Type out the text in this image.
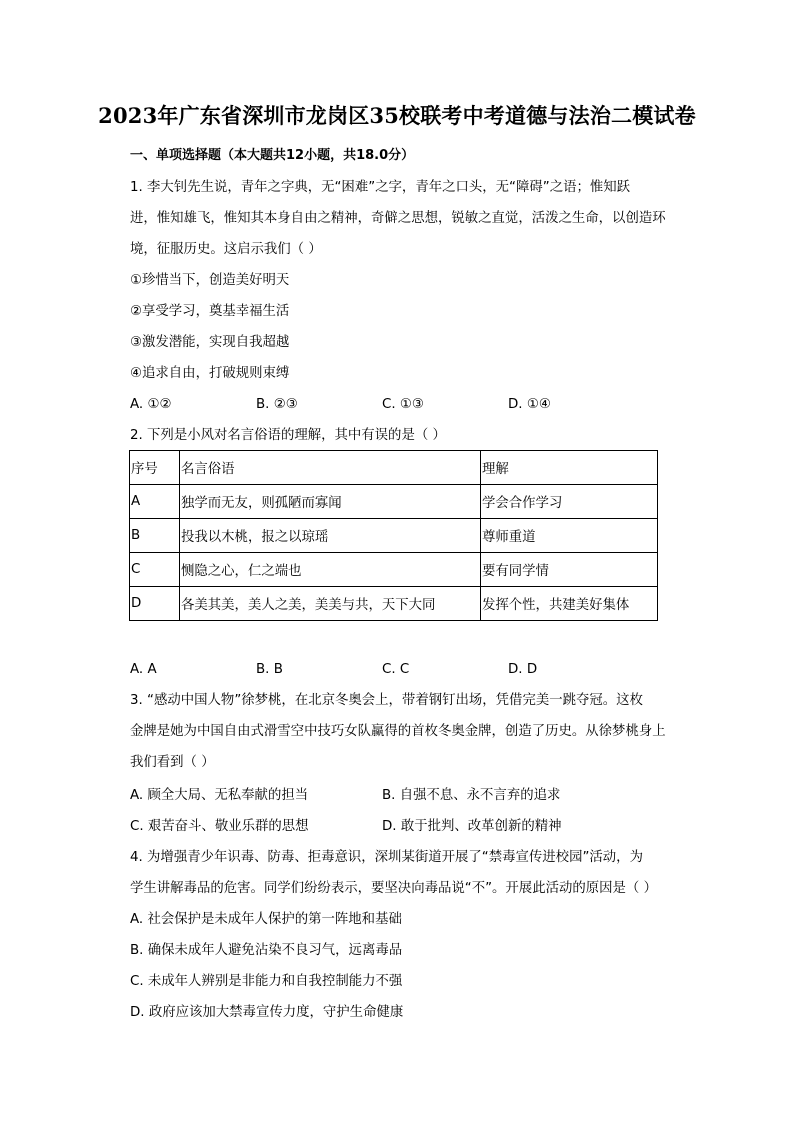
2023年广东省深圳市龙岗区35校联考中考道德与法治二模试卷
一、单项选择题（本大题共12小题，共18.0分）
1. 李大钊先生说，青年之字典，无“困难”之字，青年之口头，无“障碍”之语；惟知跃
进，惟知雄飞，惟知其本身自由之精神，奇僻之思想，锐敏之直觉，活泼之生命，以创造环
境，征服历史。这启示我们（ ）
①珍惜当下，创造美好明天
②享受学习，奠基幸福生活
③激发潜能，实现自我超越
④追求自由，打破规则束缚
A. ①②	B. ②③	C. ①③	D. ①④
2. 下列是小风对名言俗语的理解，其中有误的是（ ）
序号	名言俗语	理解
A	独学而无友，则孤陋而寡闻	学会合作学习
B	投我以木桃，报之以琼瑶	尊师重道
C	恻隐之心，仁之端也	要有同学情
D	各美其美，美人之美，美美与共，天下大同	发挥个性，共建美好集体
A. A	B. B	C. C	D. D
3. “感动中国人物”徐梦桃，在北京冬奥会上，带着钢钉出场，凭借完美一跳夺冠。这枚
金牌是她为中国自由式滑雪空中技巧女队赢得的首枚冬奥金牌，创造了历史。从徐梦桃身上
我们看到（ ）
A. 顾全大局、无私奉献的担当	B. 自强不息、永不言弃的追求
C. 艰苦奋斗、敬业乐群的思想	D. 敢于批判、改革创新的精神
4. 为增强青少年识毒、防毒、拒毒意识，深圳某街道开展了“禁毒宣传进校园”活动，为
学生讲解毒品的危害。同学们纷纷表示，要坚决向毒品说“不”。开展此活动的原因是（ ）
A. 社会保护是未成年人保护的第一阵地和基础
B. 确保未成年人避免沾染不良习气，远离毒品
C. 未成年人辨别是非能力和自我控制能力不强
D. 政府应该加大禁毒宣传力度，守护生命健康
